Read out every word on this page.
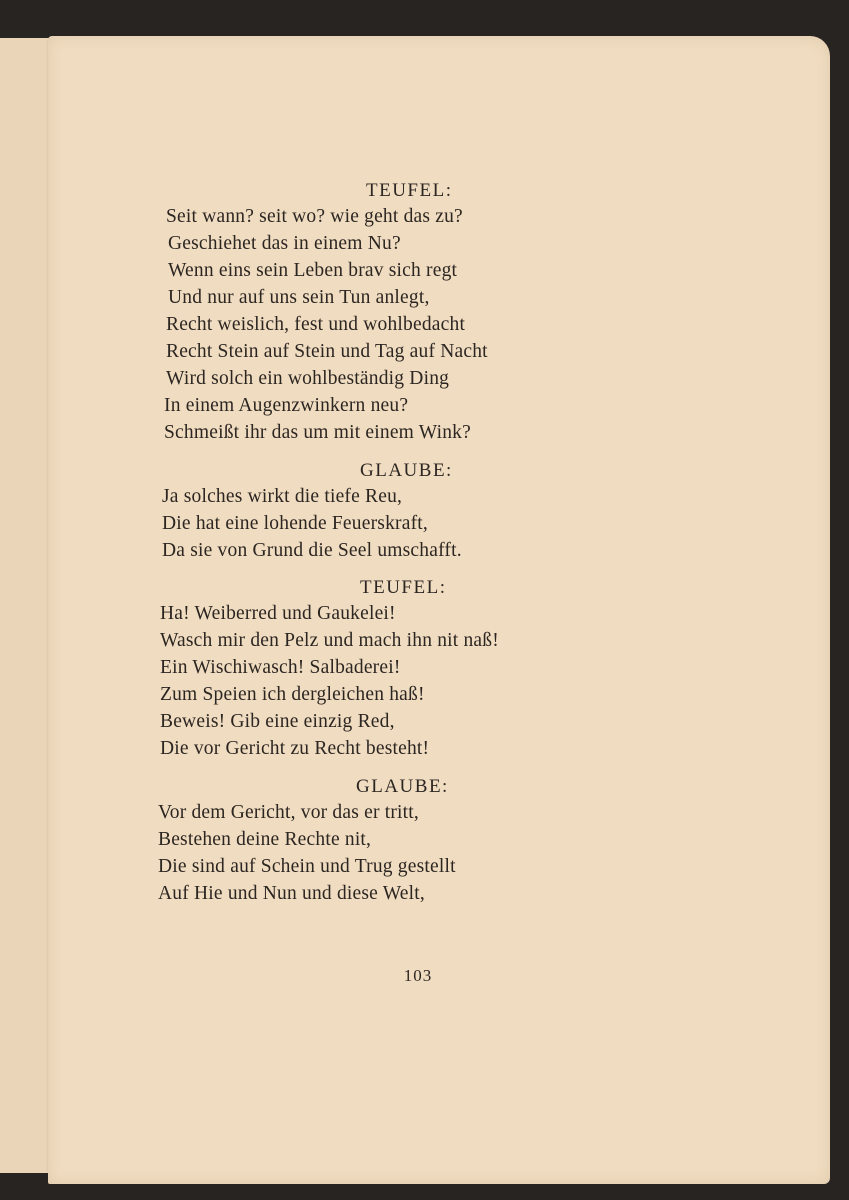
TEUFEL:
Seit wann? seit wo? wie geht das zu?
Geschiehet das in einem Nu?
Wenn eins sein Leben brav sich regt
Und nur auf uns sein Tun anlegt,
Recht weislich, fest und wohlbedacht
Recht Stein auf Stein und Tag auf Nacht
Wird solch ein wohlbeständig Ding
In einem Augenzwinkern neu?
Schmeißt ihr das um mit einem Wink?
GLAUBE:
Ja solches wirkt die tiefe Reu,
Die hat eine lohende Feuerskraft,
Da sie von Grund die Seel umschafft.
TEUFEL:
Ha! Weiberred und Gaukelei!
Wasch mir den Pelz und mach ihn nit naß!
Ein Wischiwasch! Salbaderei!
Zum Speien ich dergleichen haß!
Beweis! Gib eine einzig Red,
Die vor Gericht zu Recht besteht!
GLAUBE:
Vor dem Gericht, vor das er tritt,
Bestehen deine Rechte nit,
Die sind auf Schein und Trug gestellt
Auf Hie und Nun und diese Welt,
103
